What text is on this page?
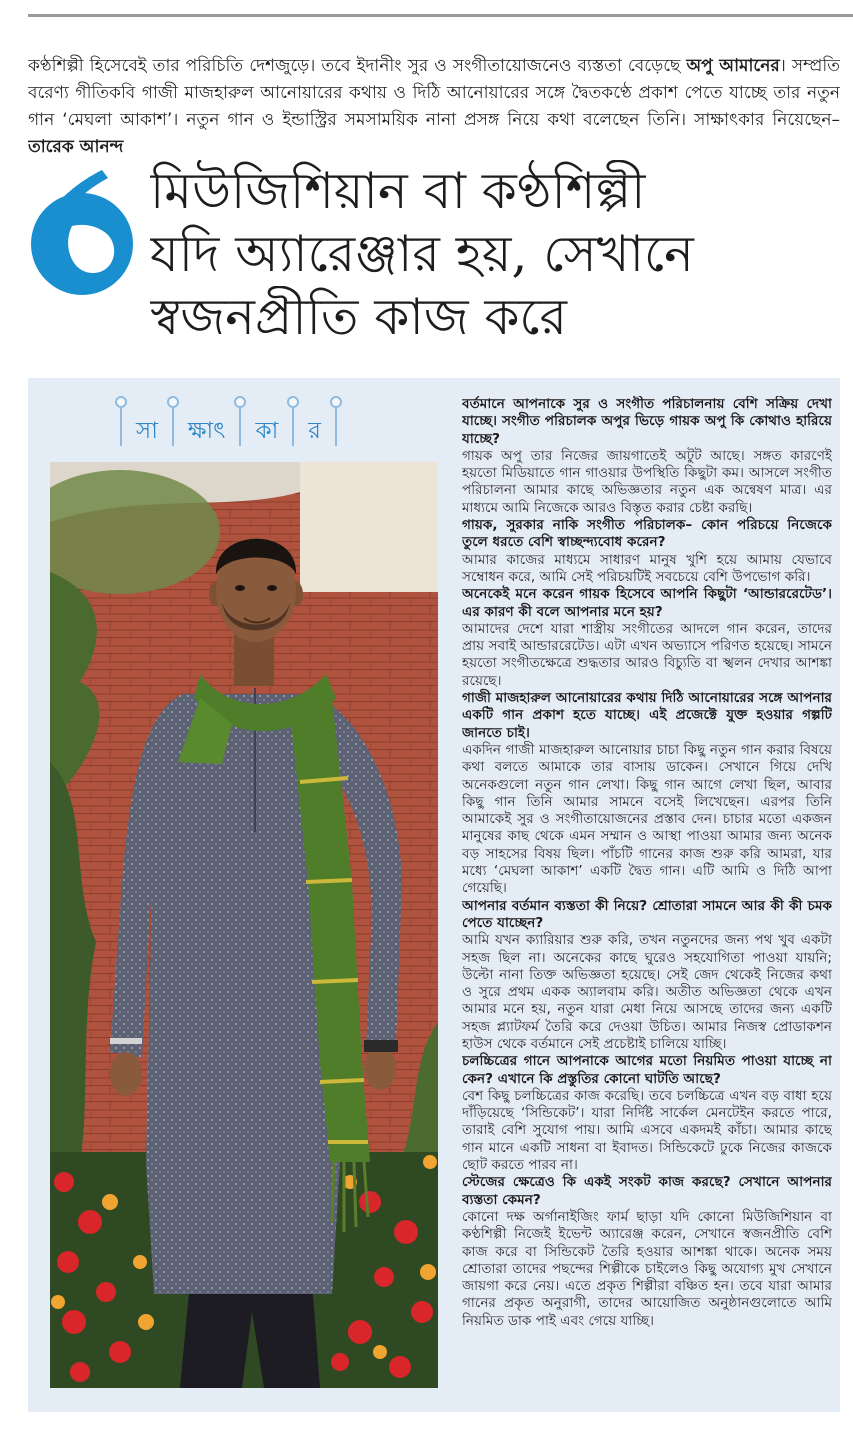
কণ্ঠশিল্পী হিসেবেই তার পরিচিতি দেশজুড়ে। তবে ইদানীং সুর ও সংগীতায়োজনেও ব্যস্ততা বেড়েছে অপু আমানের। সম্প্রতি বরেণ্য গীতিকবি গাজী মাজহারুল আনোয়ারের কথায় ও দিঠি আনোয়ারের সঙ্গে দ্বৈতকণ্ঠে প্রকাশ পেতে যাচ্ছে তার নতুন গান ‘মেঘলা আকাশ’। নতুন গান ও ইন্ডাস্ট্রির সমসাময়িক নানা প্রসঙ্গ নিয়ে কথা বলেছেন তিনি। সাক্ষাৎকার নিয়েছেন– তারেক আনন্দ

মিউজিশিয়ান বা কণ্ঠশিল্পী
যদি অ্যারেঞ্জার হয়, সেখানে
স্বজনপ্রীতি কাজ করে
সা ক্ষাৎ কা র

বর্তমানে আপনাকে সুর ও সংগীত পরিচালনায় বেশি সক্রিয় দেখা যাচ্ছে। সংগীত পরিচালক অপুর ভিড়ে গায়ক অপু কি কোথাও হারিয়ে যাচ্ছে?

গায়ক অপু তার নিজের জায়গাতেই অটুট আছে। সঙ্গত কারণেই হয়তো মিডিয়াতে গান গাওয়ার উপস্থিতি কিছুটা কম। আসলে সংগীত পরিচালনা আমার কাছে অভিজ্ঞতার নতুন এক অন্বেষণ মাত্র। এর মাধ্যমে আমি নিজেকে আরও বিস্তৃত করার চেষ্টা করছি।

গায়ক, সুরকার নাকি সংগীত পরিচালক– কোন পরিচয়ে নিজেকে তুলে ধরতে বেশি স্বাচ্ছন্দ্যবোধ করেন?

আমার কাজের মাধ্যমে সাধারণ মানুষ খুশি হয়ে আমায় যেভাবে সম্বোধন করে, আমি সেই পরিচয়টিই সবচেয়ে বেশি উপভোগ করি।

অনেকেই মনে করেন গায়ক হিসেবে আপনি কিছুটা ‘আন্ডাররেটেড’। এর কারণ কী বলে আপনার মনে হয়?

আমাদের দেশে যারা শাস্ত্রীয় সংগীতের আদলে গান করেন, তাদের প্রায় সবাই আন্ডাররেটেড। এটা এখন অভ্যাসে পরিণত হয়েছে। সামনে হয়তো সংগীতক্ষেত্রে শুদ্ধতার আরও বিচ্যুতি বা স্খলন দেখার আশঙ্কা রয়েছে।

গাজী মাজহারুল আনোয়ারের কথায় দিঠি আনোয়ারের সঙ্গে আপনার একটি গান প্রকাশ হতে যাচ্ছে। এই প্রজেক্টে যুক্ত হওয়ার গল্পটি জানতে চাই।

একদিন গাজী মাজহারুল আনোয়ার চাচা কিছু নতুন গান করার বিষয়ে কথা বলতে আমাকে তার বাসায় ডাকেন। সেখানে গিয়ে দেখি অনেকগুলো নতুন গান লেখা। কিছু গান আগে লেখা ছিল, আবার কিছু গান তিনি আমার সামনে বসেই লিখেছেন। এরপর তিনি আমাকেই সুর ও সংগীতায়োজনের প্রস্তাব দেন। চাচার মতো একজন মানুষের কাছ থেকে এমন সম্মান ও আস্থা পাওয়া আমার জন্য অনেক বড় সাহসের বিষয় ছিল। পাঁচটি গানের কাজ শুরু করি আমরা, যার মধ্যে ‘মেঘলা আকাশ’ একটি দ্বৈত গান। এটি আমি ও দিঠি আপা গেয়েছি।

আপনার বর্তমান ব্যস্ততা কী নিয়ে? শ্রোতারা সামনে আর কী কী চমক পেতে যাচ্ছেন?

আমি যখন ক্যারিয়ার শুরু করি, তখন নতুনদের জন্য পথ খুব একটা সহজ ছিল না। অনেকের কাছে ঘুরেও সহযোগিতা পাওয়া যায়নি; উল্টো নানা তিক্ত অভিজ্ঞতা হয়েছে। সেই জেদ থেকেই নিজের কথা ও সুরে প্রথম একক অ্যালবাম করি। অতীত অভিজ্ঞতা থেকে এখন আমার মনে হয়, নতুন যারা মেধা নিয়ে আসছে তাদের জন্য একটি সহজ প্ল্যাটফর্ম তৈরি করে দেওয়া উচিত। আমার নিজস্ব প্রোডাকশন হাউস থেকে বর্তমানে সেই প্রচেষ্টাই চালিয়ে যাচ্ছি।

চলচ্চিত্রের গানে আপনাকে আগের মতো নিয়মিত পাওয়া যাচ্ছে না কেন? এখানে কি প্রস্তুতির কোনো ঘাটতি আছে?

বেশ কিছু চলচ্চিত্রের কাজ করেছি। তবে চলচ্চিত্রে এখন বড় বাধা হয়ে দাঁড়িয়েছে ‘সিন্ডিকেট’। যারা নির্দিষ্ট সার্কেল মেনটেইন করতে পারে, তারাই বেশি সুযোগ পায়। আমি এসবে একদমই কাঁচা। আমার কাছে গান মানে একটি সাধনা বা ইবাদত। সিন্ডিকেটে ঢুকে নিজের কাজকে ছোট করতে পারব না।

স্টেজের ক্ষেত্রেও কি একই সংকট কাজ করছে? সেখানে আপনার ব্যস্ততা কেমন?

কোনো দক্ষ অর্গানাইজিং ফার্ম ছাড়া যদি কোনো মিউজিশিয়ান বা কণ্ঠশিল্পী নিজেই ইভেন্ট অ্যারেঞ্জ করেন, সেখানে স্বজনপ্রীতি বেশি কাজ করে বা সিন্ডিকেট তৈরি হওয়ার আশঙ্কা থাকে। অনেক সময় শ্রোতারা তাদের পছন্দের শিল্পীকে চাইলেও কিছু অযোগ্য মুখ সেখানে জায়গা করে নেয়। এতে প্রকৃত শিল্পীরা বঞ্চিত হন। তবে যারা আমার গানের প্রকৃত অনুরাগী, তাদের আয়োজিত অনুষ্ঠানগুলোতে আমি নিয়মিত ডাক পাই এবং গেয়ে যাচ্ছি।
